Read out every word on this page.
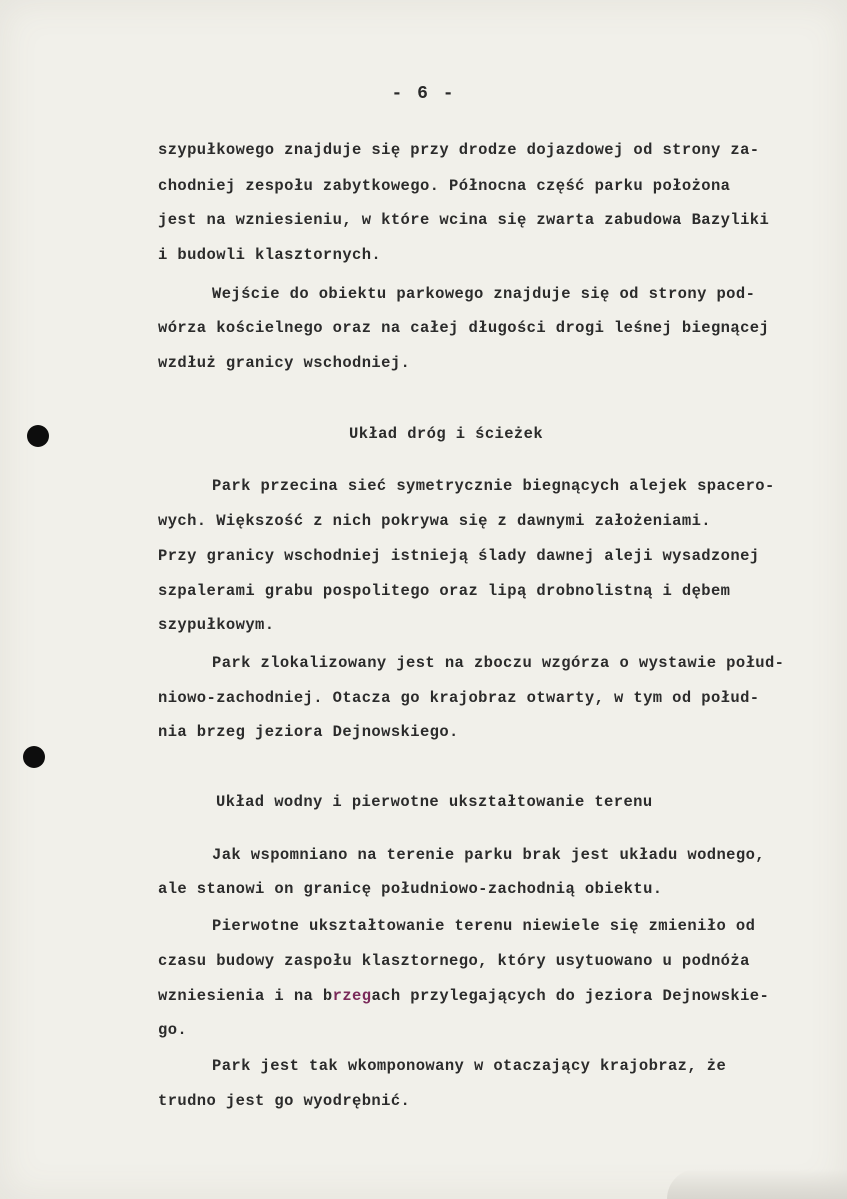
- 6 -
szypułkowego znajduje się przy drodze dojazdowej od strony za-
chodniej zespołu zabytkowego. Północna część parku położona
jest na wzniesieniu, w które wcina się zwarta zabudowa Bazyliki
i budowli klasztornych.
Wejście do obiektu parkowego znajduje się od strony pod-
wórza kościelnego oraz na całej długości drogi leśnej biegnącej
wzdłuż granicy wschodniej.
Układ dróg i ścieżek
Park przecina sieć symetrycznie biegnących alejek spacero-
wych. Większość z nich pokrywa się z dawnymi założeniami.
Przy granicy wschodniej istnieją ślady dawnej aleji wysadzonej
szpalerami grabu pospolitego oraz lipą drobnolistną i dębem
szypułkowym.
Park zlokalizowany jest na zboczu wzgórza o wystawie połud-
niowo-zachodniej. Otacza go krajobraz otwarty, w tym od połud-
nia brzeg jeziora Dejnowskiego.
Układ wodny i pierwotne ukształtowanie terenu
Jak wspomniano na terenie parku brak jest układu wodnego,
ale stanowi on granicę południowo-zachodnią obiektu.
Pierwotne ukształtowanie terenu niewiele się zmieniło od
czasu budowy zaspołu klasztornego, który usytuowano u podnóża
wzniesienia i na brzegach przylegających do jeziora Dejnowskie-
go.
Park jest tak wkomponowany w otaczający krajobraz, że
trudno jest go wyodrębnić.
